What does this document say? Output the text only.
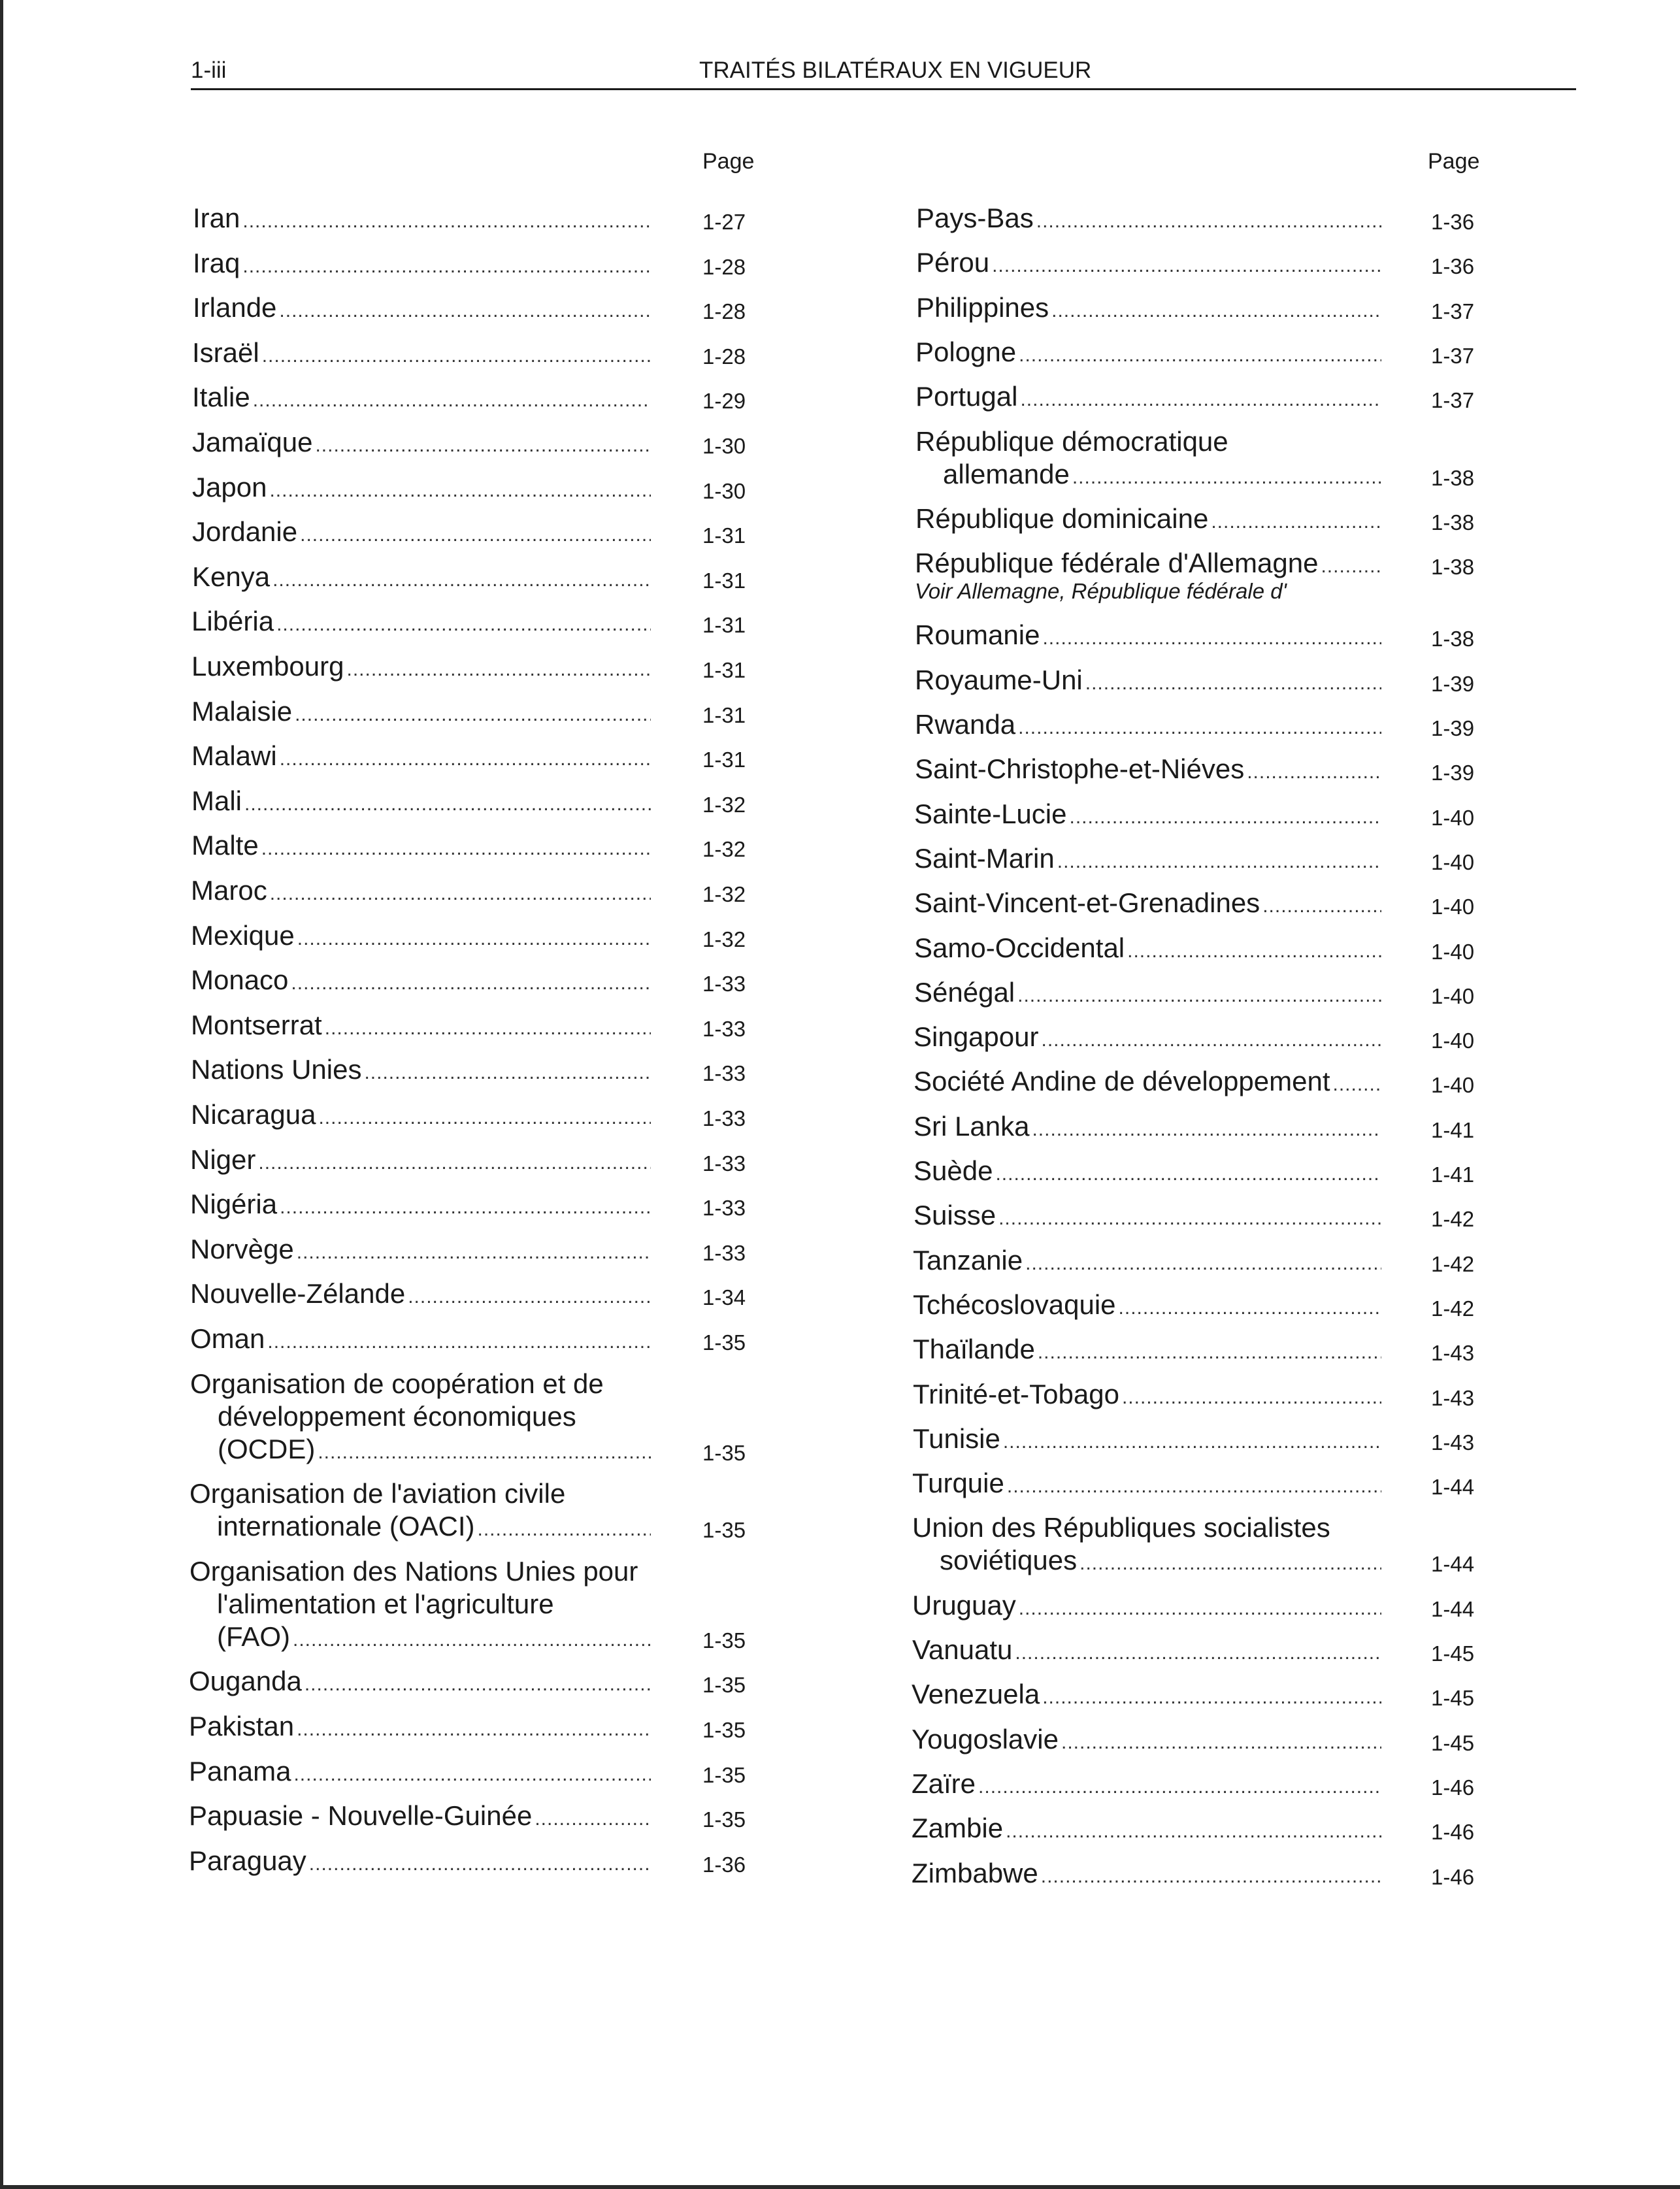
1-iii	TRAITÉS BILATÉRAUX EN VIGUEUR
Page	Page
Iran .....	1-27
Iraq .....	1-28
Irlande .....	1-28
Israël .....	1-28
Italie .....	1-29
Jamaïque .....	1-30
Japon .....	1-30
Jordanie .....	1-31
Kenya .....	1-31
Libéria .....	1-31
Luxembourg .....	1-31
Malaisie .....	1-31
Malawi .....	1-31
Mali .....	1-32
Malte .....	1-32
Maroc .....	1-32
Mexique .....	1-32
Monaco .....	1-33
Montserrat .....	1-33
Nations Unies .....	1-33
Nicaragua .....	1-33
Niger .....	1-33
Nigéria .....	1-33
Norvège .....	1-33
Nouvelle-Zélande .....	1-34
Oman .....	1-35
Organisation de coopération et de
développement économiques
(OCDE) .....	1-35
Organisation de l'aviation civile
internationale (OACI) .....	1-35
Organisation des Nations Unies pour
l'alimentation et l'agriculture
(FAO) .....	1-35
Ouganda .....	1-35
Pakistan .....	1-35
Panama .....	1-35
Papuasie - Nouvelle-Guinée .....	1-35
Paraguay .....	1-36
Pays-Bas .....	1-36
Pérou .....	1-36
Philippines .....	1-37
Pologne .....	1-37
Portugal .....	1-37
République démocratique
allemande .....	1-38
République dominicaine .....	1-38
République fédérale d'Allemagne .....	1-38
Voir Allemagne, République fédérale d'
Roumanie .....	1-38
Royaume-Uni .....	1-39
Rwanda .....	1-39
Saint-Christophe-et-Niéves .....	1-39
Sainte-Lucie .....	1-40
Saint-Marin .....	1-40
Saint-Vincent-et-Grenadines .....	1-40
Samo-Occidental .....	1-40
Sénégal .....	1-40
Singapour .....	1-40
Société Andine de développement .....	1-40
Sri Lanka .....	1-41
Suède .....	1-41
Suisse .....	1-42
Tanzanie .....	1-42
Tchécoslovaquie .....	1-42
Thaïlande .....	1-43
Trinité-et-Tobago .....	1-43
Tunisie .....	1-43
Turquie .....	1-44
Union des Républiques socialistes
soviétiques .....	1-44
Uruguay .....	1-44
Vanuatu .....	1-45
Venezuela .....	1-45
Yougoslavie .....	1-45
Zaïre .....	1-46
Zambie .....	1-46
Zimbabwe .....	1-46
